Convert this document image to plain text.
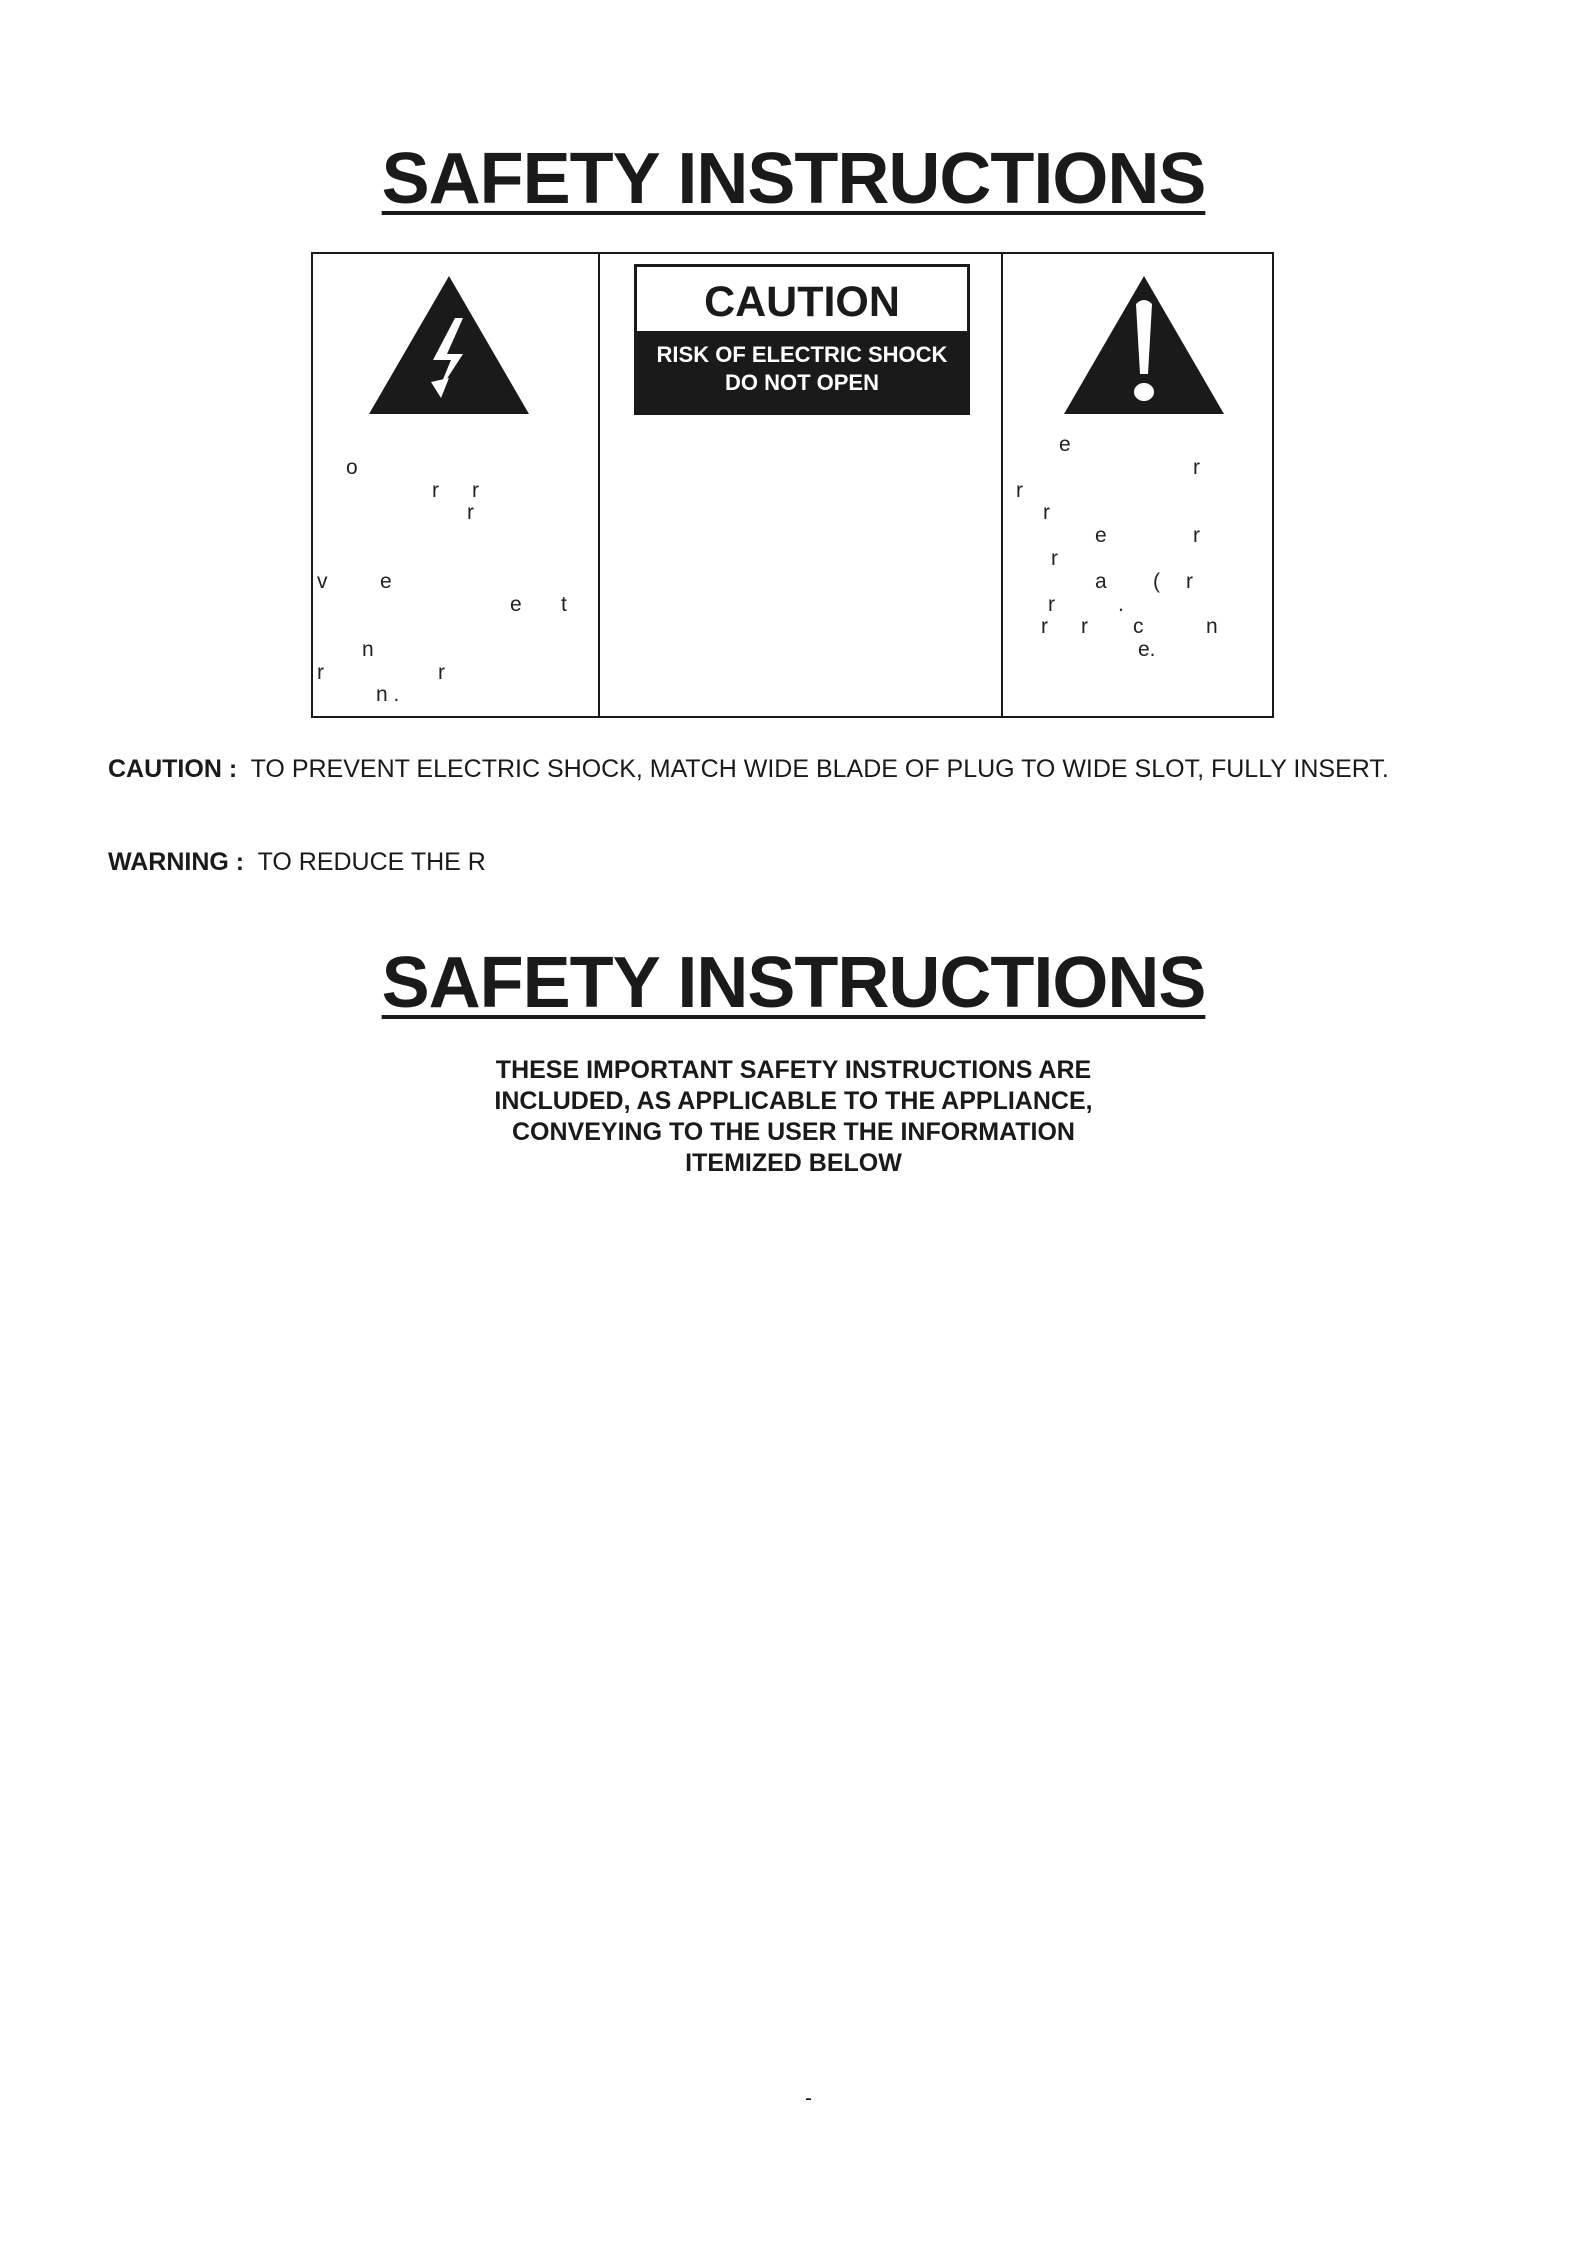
SAFETY INSTRUCTIONS
CAUTION
RISK OF ELECTRIC SHOCK
DO NOT OPEN
o
r r
r
v	e
e t
n
r	r
n .
e
r
r
r
e	r
r
a ( r
r	.
r r c	n
e.
CAUTION : TO PREVENT ELECTRIC SHOCK, MATCH WIDE BLADE OF PLUG TO WIDE SLOT, FULLY INSERT.
WARNING : TO REDUCE THE R
SAFETY INSTRUCTIONS
THESE IMPORTANT SAFETY INSTRUCTIONS ARE
INCLUDED, AS APPLICABLE TO THE APPLIANCE,
CONVEYING TO THE USER THE INFORMATION
ITEMIZED BELOW
-
